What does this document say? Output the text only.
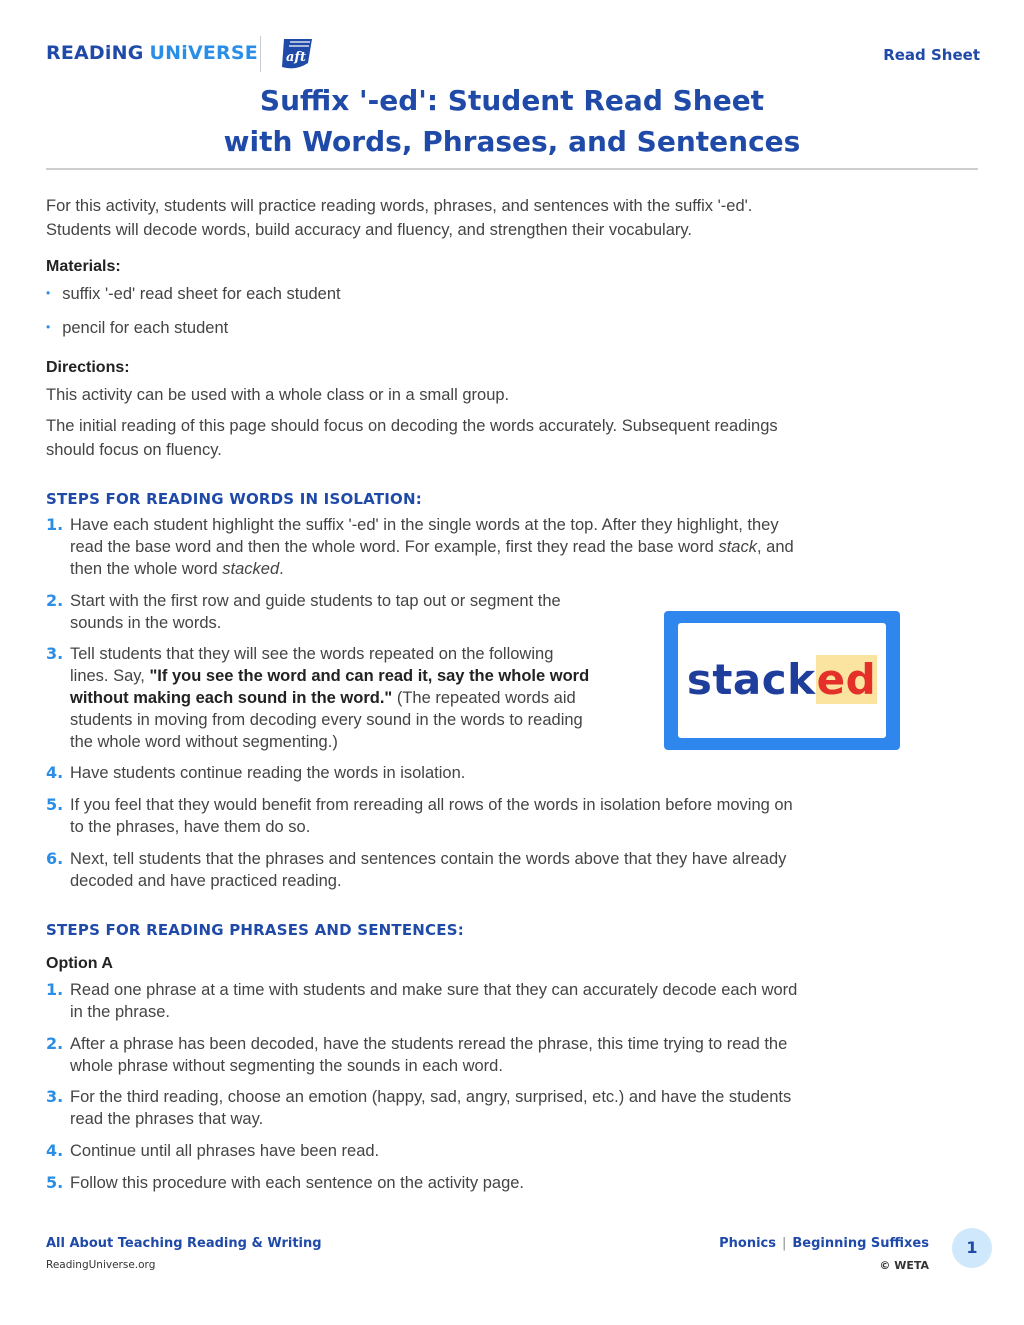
READiNG UNiVERSE aft	Read Sheet
Suffix '-ed': Student Read Sheet
with Words, Phrases, and Sentences
For this activity, students will practice reading words, phrases, and sentences with the suffix '-ed'.
Students will decode words, build accuracy and fluency, and strengthen their vocabulary.
Materials:
• suffix '-ed' read sheet for each student
• pencil for each student
Directions:
This activity can be used with a whole class or in a small group.
The initial reading of this page should focus on decoding the words accurately. Subsequent readings
should focus on fluency.
STEPS FOR READING WORDS IN ISOLATION:
1. Have each student highlight the suffix '-ed' in the single words at the top. After they highlight, they
read the base word and then the whole word. For example, first they read the base word stack, and
then the whole word stacked.
2. Start with the first row and guide students to tap out or segment the
sounds in the words.
3. Tell students that they will see the words repeated on the following
lines. Say, "If you see the word and can read it, say the whole word
without making each sound in the word." (The repeated words aid
students in moving from decoding every sound in the words to reading
the whole word without segmenting.)
stacked
4. Have students continue reading the words in isolation.
5. If you feel that they would benefit from rereading all rows of the words in isolation before moving on
to the phrases, have them do so.
6. Next, tell students that the phrases and sentences contain the words above that they have already
decoded and have practiced reading.
STEPS FOR READING PHRASES AND SENTENCES:
Option A
1. Read one phrase at a time with students and make sure that they can accurately decode each word
in the phrase.
2. After a phrase has been decoded, have the students reread the phrase, this time trying to read the
whole phrase without segmenting the sounds in each word.
3. For the third reading, choose an emotion (happy, sad, angry, surprised, etc.) and have the students
read the phrases that way.
4. Continue until all phrases have been read.
5. Follow this procedure with each sentence on the activity page.
All About Teaching Reading & Writing
ReadingUniverse.org
Phonics | Beginning Suffixes
© WETA
1
